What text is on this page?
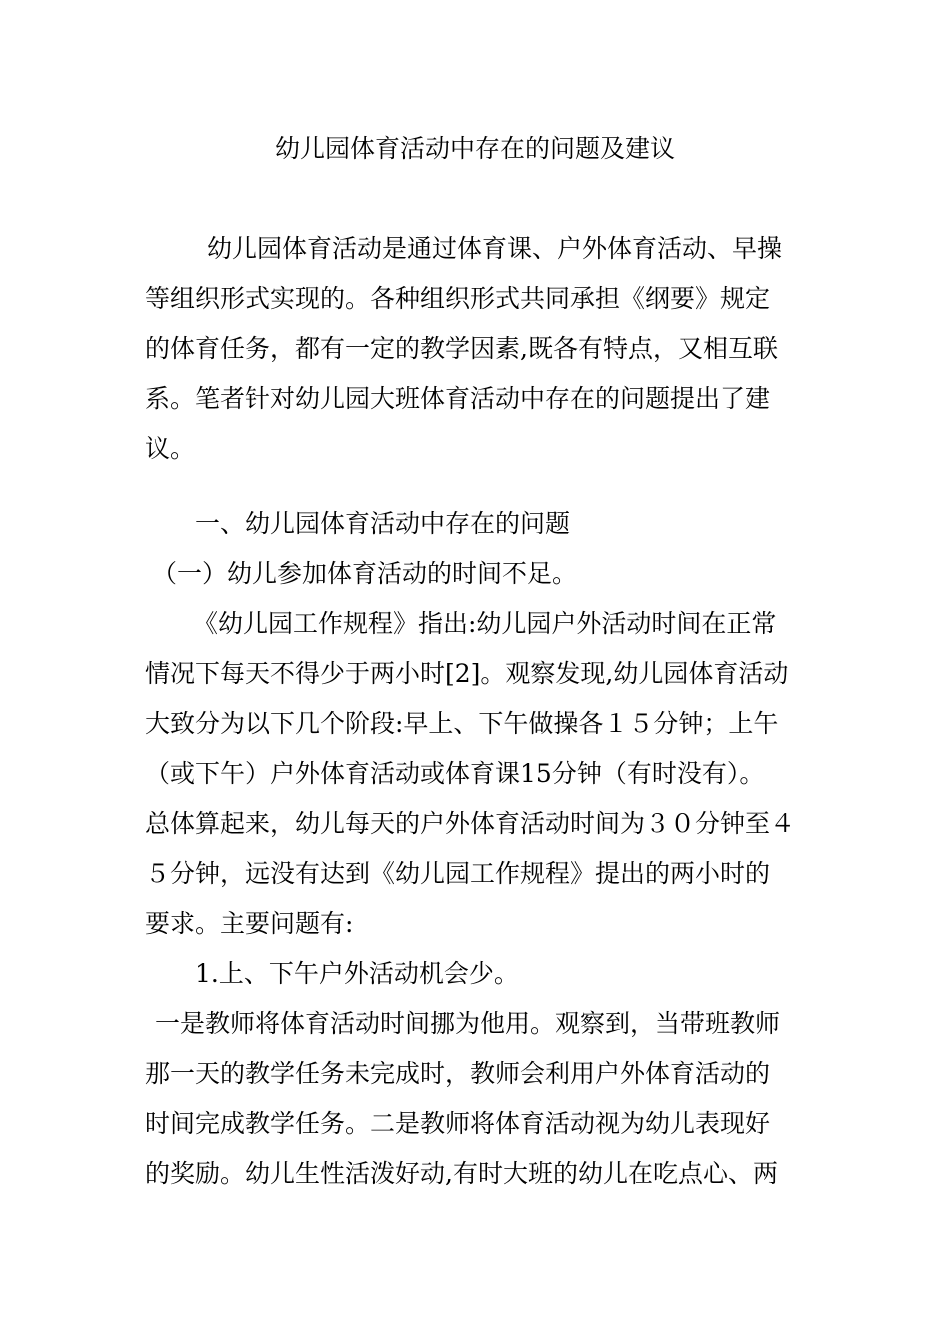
幼儿园体育活动中存在的问题及建议
幼儿园体育活动是通过体育课、户外体育活动、早操
等组织形式实现的。各种组织形式共同承担《纲要》规定
的体育任务，都有一定的教学因素,既各有特点，又相互联
系。笔者针对幼儿园大班体育活动中存在的问题提出了建
议。
一、幼儿园体育活动中存在的问题
（一）幼儿参加体育活动的时间不足。
《幼儿园工作规程》指出:幼儿园户外活动时间在正常
情况下每天不得少于两小时[2]。观察发现,幼儿园体育活动
大致分为以下几个阶段:早上、下午做操各１５分钟；上午
（或下午）户外体育活动或体育课15分钟（有时没有）。
总体算起来，幼儿每天的户外体育活动时间为３０分钟至４
５分钟，远没有达到《幼儿园工作规程》提出的两小时的
要求。主要问题有:
1.上、下午户外活动机会少。
一是教师将体育活动时间挪为他用。观察到，当带班教师
那一天的教学任务未完成时，教师会利用户外体育活动的
时间完成教学任务。二是教师将体育活动视为幼儿表现好
的奖励。幼儿生性活泼好动,有时大班的幼儿在吃点心、两
